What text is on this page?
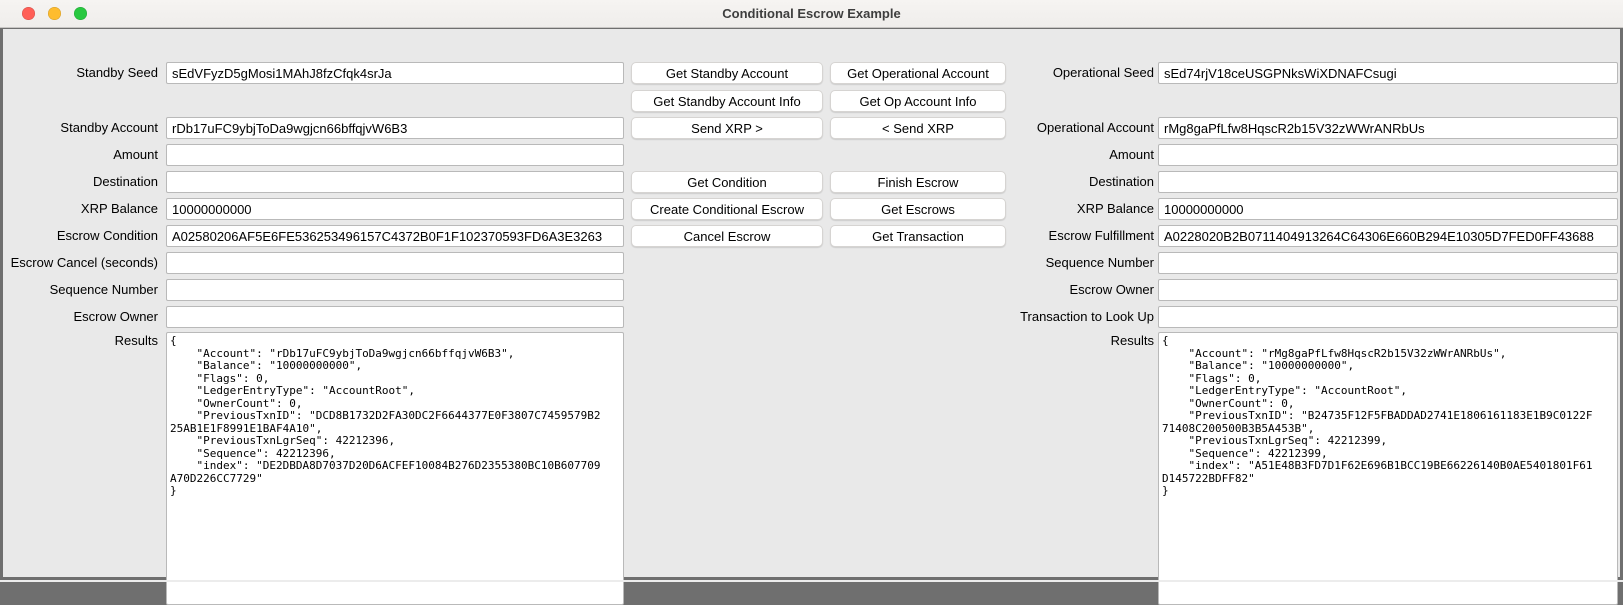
Conditional Escrow Example
Standby Seed
Standby Account
Amount
Destination
XRP Balance
Escrow Condition
Escrow Cancel (seconds)
Sequence Number
Escrow Owner
Results
sEdVFyzD5gMosi1MAhJ8fzCfqk4srJa
rDb17uFC9ybjToDa9wgjcn66bffqjvW6B3
10000000000
A02580206AF5E6FE536253496157C4372B0F1F102370593FD6A3E3263
{ "Account": "rDb17uFC9ybjToDa9wgjcn66bffqjvW6B3", "Balance": "10000000000", "Flags": 0, "LedgerEntryType": "AccountRoot", "OwnerCount": 0, "PreviousTxnID": "DCD8B1732D2FA30DC2F6644377E0F3807C7459579B2 25AB1E1F8991E1BAF4A10", "PreviousTxnLgrSeq": 42212396, "Sequence": 42212396, "index": "DE2DBDA8D7037D20D6ACFEF10084B276D2355380BC10B607709 A70D226CC7729" }
Get Standby Account
Get Standby Account Info
Send XRP >
Get Condition
Create Conditional Escrow
Cancel Escrow
Get Operational Account
Get Op Account Info
< Send XRP
Finish Escrow
Get Escrows
Get Transaction
Operational Seed
Operational Account
Amount
Destination
XRP Balance
Escrow Fulfillment
Sequence Number
Escrow Owner
Transaction to Look Up
Results
sEd74rjV18ceUSGPNksWiXDNAFCsugi
rMg8gaPfLfw8HqscR2b15V32zWWrANRbUs
10000000000
A0228020B2B0711404913264C64306E660B294E10305D7FED0FF43688
{ "Account": "rMg8gaPfLfw8HqscR2b15V32zWWrANRbUs", "Balance": "10000000000", "Flags": 0, "LedgerEntryType": "AccountRoot", "OwnerCount": 0, "PreviousTxnID": "B24735F12F5FBADDAD2741E1806161183E1B9C0122F 71408C200500B3B5A453B", "PreviousTxnLgrSeq": 42212399, "Sequence": 42212399, "index": "A51E48B3FD7D1F62E696B1BCC19BE66226140B0AE5401801F61 D145722BDFF82" }
